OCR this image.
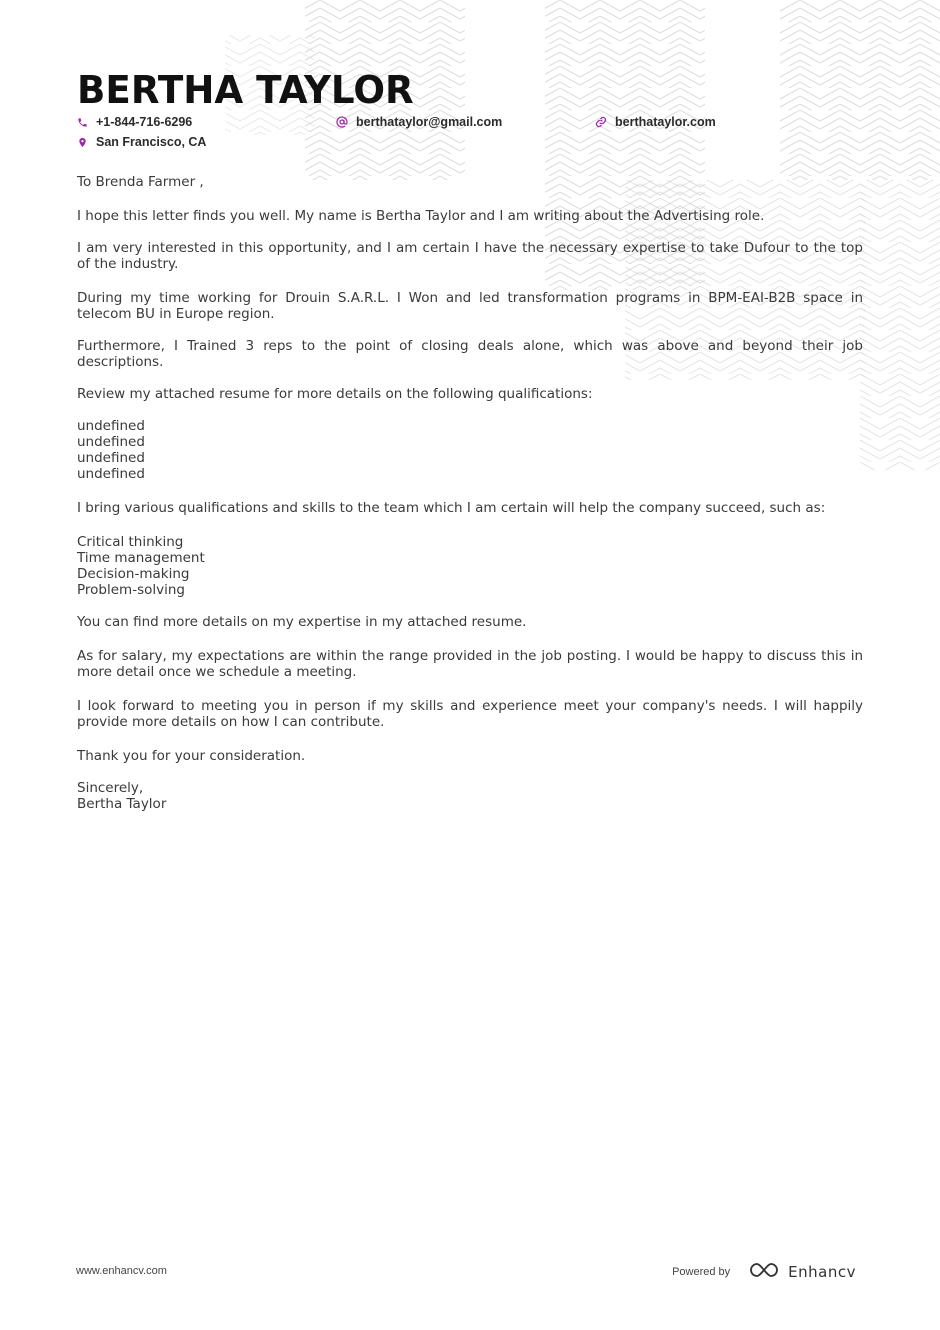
BERTHA TAYLOR
+1-844-716-6296	berthataylor@gmail.com	berthataylor.com
San Francisco, CA

To Brenda Farmer ,

I hope this letter finds you well. My name is Bertha Taylor and I am writing about the Advertising role.

I am very interested in this opportunity, and I am certain I have the necessary expertise to take Dufour to the top of the industry.

During my time working for Drouin S.A.R.L. I Won and led transformation programs in BPM-EAI-B2B space in telecom BU in Europe region.

Furthermore, I Trained 3 reps to the point of closing deals alone, which was above and beyond their job descriptions.

Review my attached resume for more details on the following qualifications:

undefined
undefined
undefined
undefined

I bring various qualifications and skills to the team which I am certain will help the company succeed, such as:

Critical thinking
Time management
Decision-making
Problem-solving

You can find more details on my expertise in my attached resume.

As for salary, my expectations are within the range provided in the job posting. I would be happy to discuss this in more detail once we schedule a meeting.

I look forward to meeting you in person if my skills and experience meet your company's needs. I will happily provide more details on how I can contribute.

Thank you for your consideration.

Sincerely,

Bertha Taylor

www.enhancv.com	Powered by	Enhancv
